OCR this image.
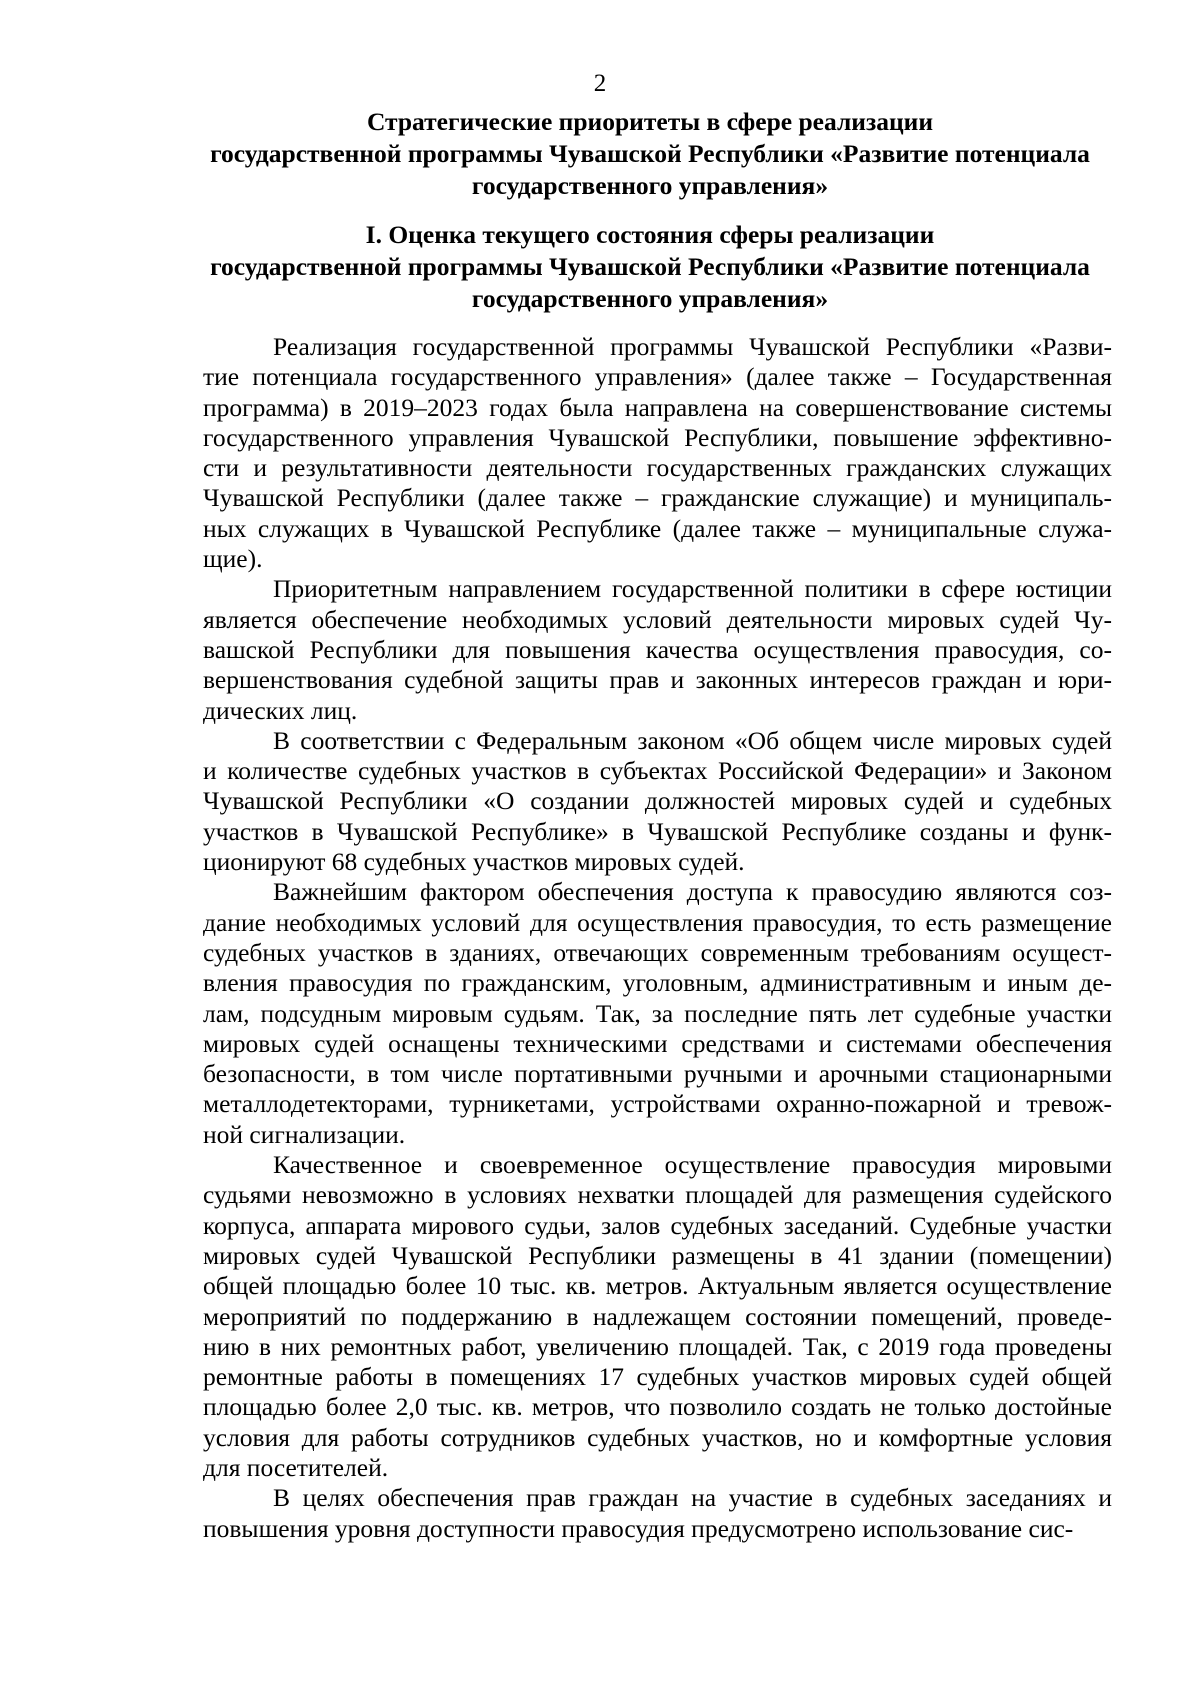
2
Стратегические приоритеты в сфере реализации
государственной программы Чувашской Республики «Развитие потенциала
государственного управления»
I. Оценка текущего состояния сферы реализации
государственной программы Чувашской Республики «Развитие потенциала
государственного управления»

Реализация государственной программы Чувашской Республики «Разви-
тие потенциала государственного управления» (далее также – Государственная
программа) в 2019–2023 годах была направлена на совершенствование системы
государственного управления Чувашской Республики, повышение эффективно-
сти и результативности деятельности государственных гражданских служащих
Чувашской Республики (далее также – гражданские служащие) и муниципаль-
ных служащих в Чувашской Республике (далее также – муниципальные служа-
щие).

Приоритетным направлением государственной политики в сфере юстиции
является обеспечение необходимых условий деятельности мировых судей Чу-
вашской Республики для повышения качества осуществления правосудия, со-
вершенствования судебной защиты прав и законных интересов граждан и юри-
дических лиц.

В соответствии с Федеральным законом «Об общем числе мировых судей
и количестве судебных участков в субъектах Российской Федерации» и Законом
Чувашской Республики «О создании должностей мировых судей и судебных
участков в Чувашской Республике» в Чувашской Республике созданы и функ-
ционируют 68 судебных участков мировых судей.

Важнейшим фактором обеспечения доступа к правосудию являются соз-
дание необходимых условий для осуществления правосудия, то есть размещение
судебных участков в зданиях, отвечающих современным требованиям осущест-
вления правосудия по гражданским, уголовным, административным и иным де-
лам, подсудным мировым судьям. Так, за последние пять лет судебные участки
мировых судей оснащены техническими средствами и системами обеспечения
безопасности, в том числе портативными ручными и арочными стационарными
металлодетекторами, турникетами, устройствами охранно-пожарной и тревож-
ной сигнализации.

Качественное и своевременное осуществление правосудия мировыми
судьями невозможно в условиях нехватки площадей для размещения судейского
корпуса, аппарата мирового судьи, залов судебных заседаний. Судебные участки
мировых судей Чувашской Республики размещены в 41 здании (помещении)
общей площадью более 10 тыс. кв. метров. Актуальным является осуществление
мероприятий по поддержанию в надлежащем состоянии помещений, проведе-
нию в них ремонтных работ, увеличению площадей. Так, с 2019 года проведены
ремонтные работы в помещениях 17 судебных участков мировых судей общей
площадью более 2,0 тыс. кв. метров, что позволило создать не только достойные
условия для работы сотрудников судебных участков, но и комфортные условия
для посетителей.

В целях обеспечения прав граждан на участие в судебных заседаниях и
повышения уровня доступности правосудия предусмотрено использование сис-
